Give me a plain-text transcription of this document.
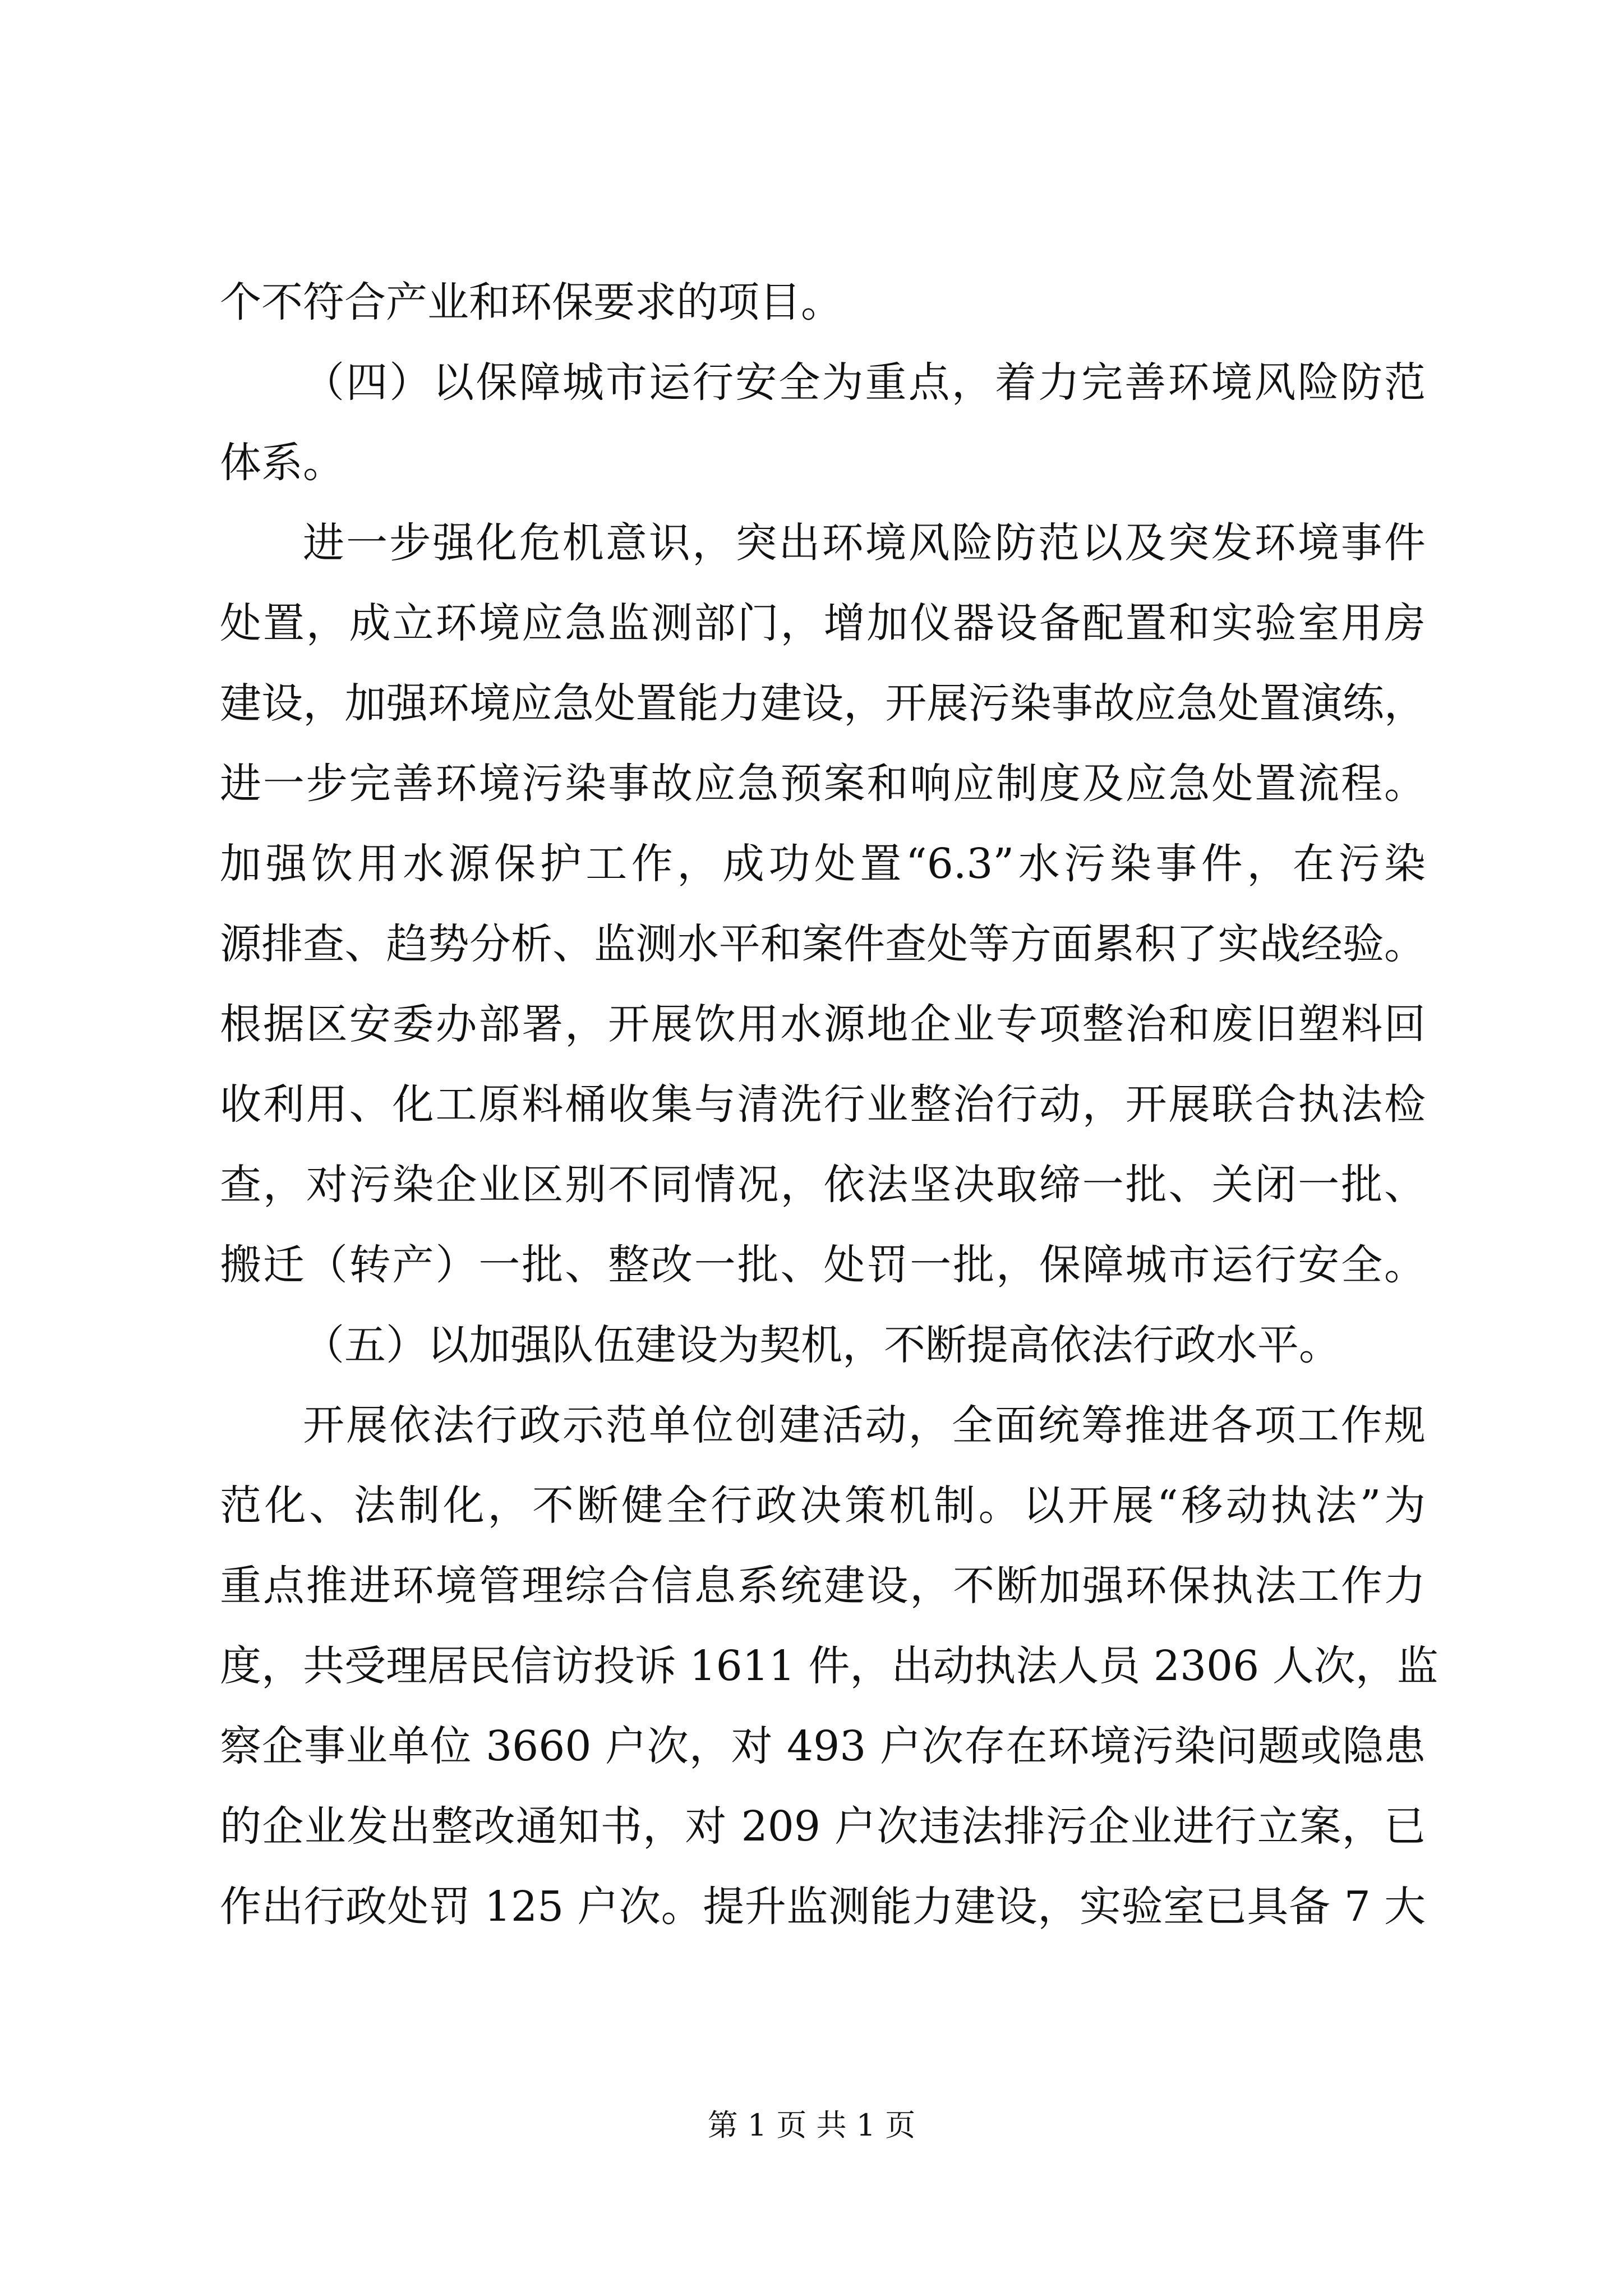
个不符合产业和环保要求的项目。
（四）以保障城市运行安全为重点，着力完善环境风险防范
体系。
进一步强化危机意识，突出环境风险防范以及突发环境事件
处置，成立环境应急监测部门，增加仪器设备配置和实验室用房
建设，加强环境应急处置能力建设，开展污染事故应急处置演练，
进一步完善环境污染事故应急预案和响应制度及应急处置流程。
加强饮用水源保护工作，成功处置“6.3”水污染事件，在污染
源排查、趋势分析、监测水平和案件查处等方面累积了实战经验。
根据区安委办部署，开展饮用水源地企业专项整治和废旧塑料回
收利用、化工原料桶收集与清洗行业整治行动，开展联合执法检
查，对污染企业区别不同情况，依法坚决取缔一批、关闭一批、
搬迁（转产）一批、整改一批、处罚一批，保障城市运行安全。
（五）以加强队伍建设为契机，不断提高依法行政水平。
开展依法行政示范单位创建活动，全面统筹推进各项工作规
范化、法制化，不断健全行政决策机制。以开展“移动执法”为
重点推进环境管理综合信息系统建设，不断加强环保执法工作力
度，共受理居民信访投诉 1611 件，出动执法人员 2306 人次，监
察企事业单位 3660 户次，对 493 户次存在环境污染问题或隐患
的企业发出整改通知书，对 209 户次违法排污企业进行立案，已
作出行政处罚 125 户次。提升监测能力建设，实验室已具备 7 大
第 1 页 共 1 页
